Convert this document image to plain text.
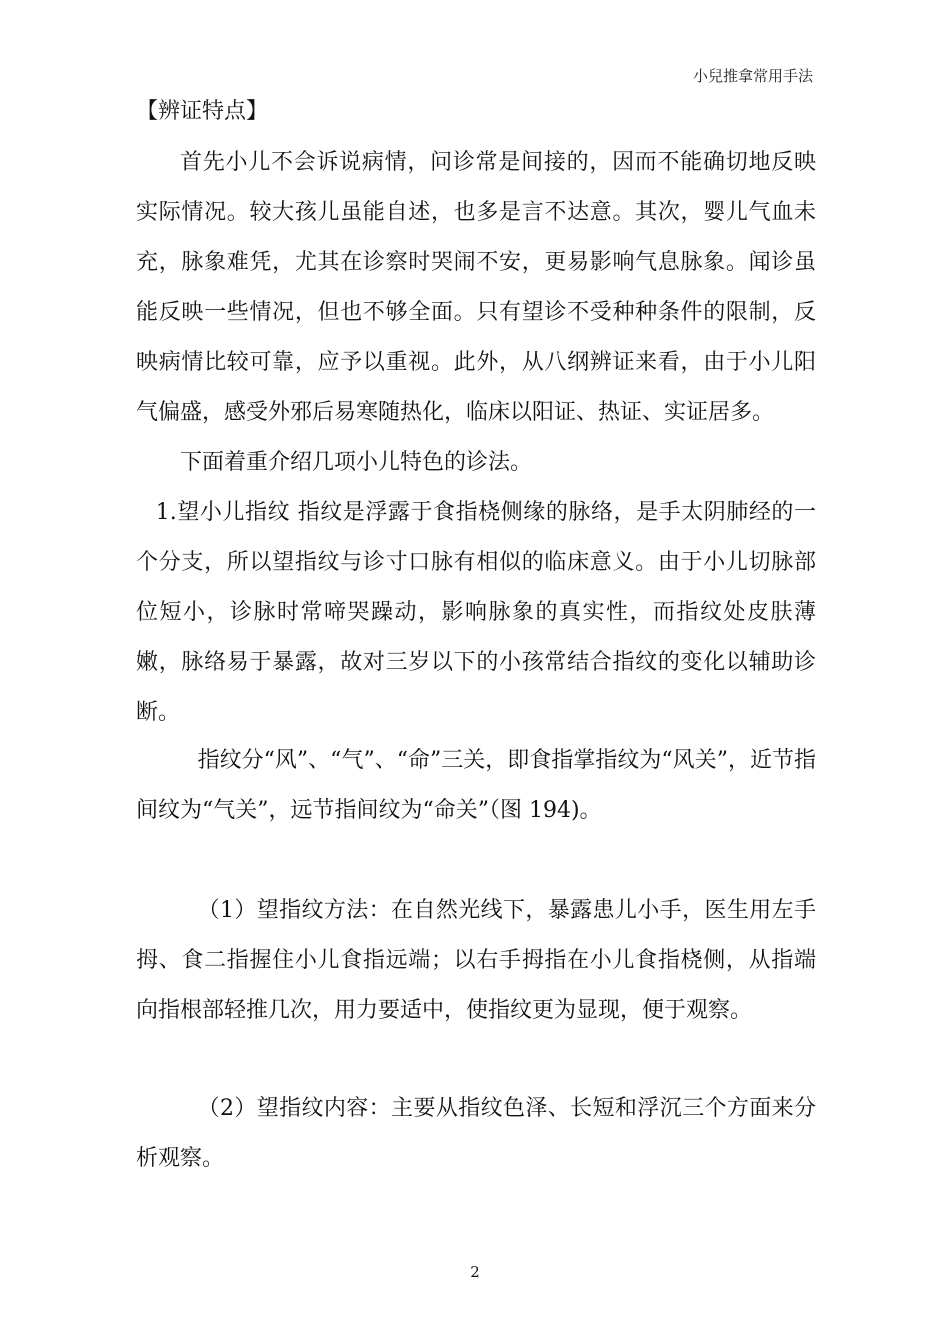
小兒推拿常用手法
【辨证特点】

首先小儿不会诉说病情，问诊常是间接的，因而不能确切地反映实际情况。较大孩儿虽能自述，也多是言不达意。其次，婴儿气血未充，脉象难凭，尤其在诊察时哭闹不安，更易影响气息脉象。闻诊虽能反映一些情况，但也不够全面。只有望诊不受种种条件的限制，反映病情比较可靠，应予以重视。此外，从八纲辨证来看，由于小儿阳气偏盛，感受外邪后易寒随热化，临床以阳证、热证、实证居多。

下面着重介绍几项小儿特色的诊法。

1.望小儿指纹 指纹是浮露于食指桡侧缘的脉络，是手太阴肺经的一个分支，所以望指纹与诊寸口脉有相似的临床意义。由于小儿切脉部位短小，诊脉时常啼哭躁动，影响脉象的真实性，而指纹处皮肤薄嫩，脉络易于暴露，故对三岁以下的小孩常结合指纹的变化以辅助诊断。

指纹分“风”、“气”、“命”三关，即食指掌指纹为“风关”，近节指间纹为“气关”，远节指间纹为“命关”（图 194)。

（1）望指纹方法：在自然光线下，暴露患儿小手，医生用左手拇、食二指握住小儿食指远端；以右手拇指在小儿食指桡侧，从指端向指根部轻推几次，用力要适中，使指纹更为显现，便于观察。

（2）望指纹内容：主要从指纹色泽、长短和浮沉三个方面来分析观察。

2
